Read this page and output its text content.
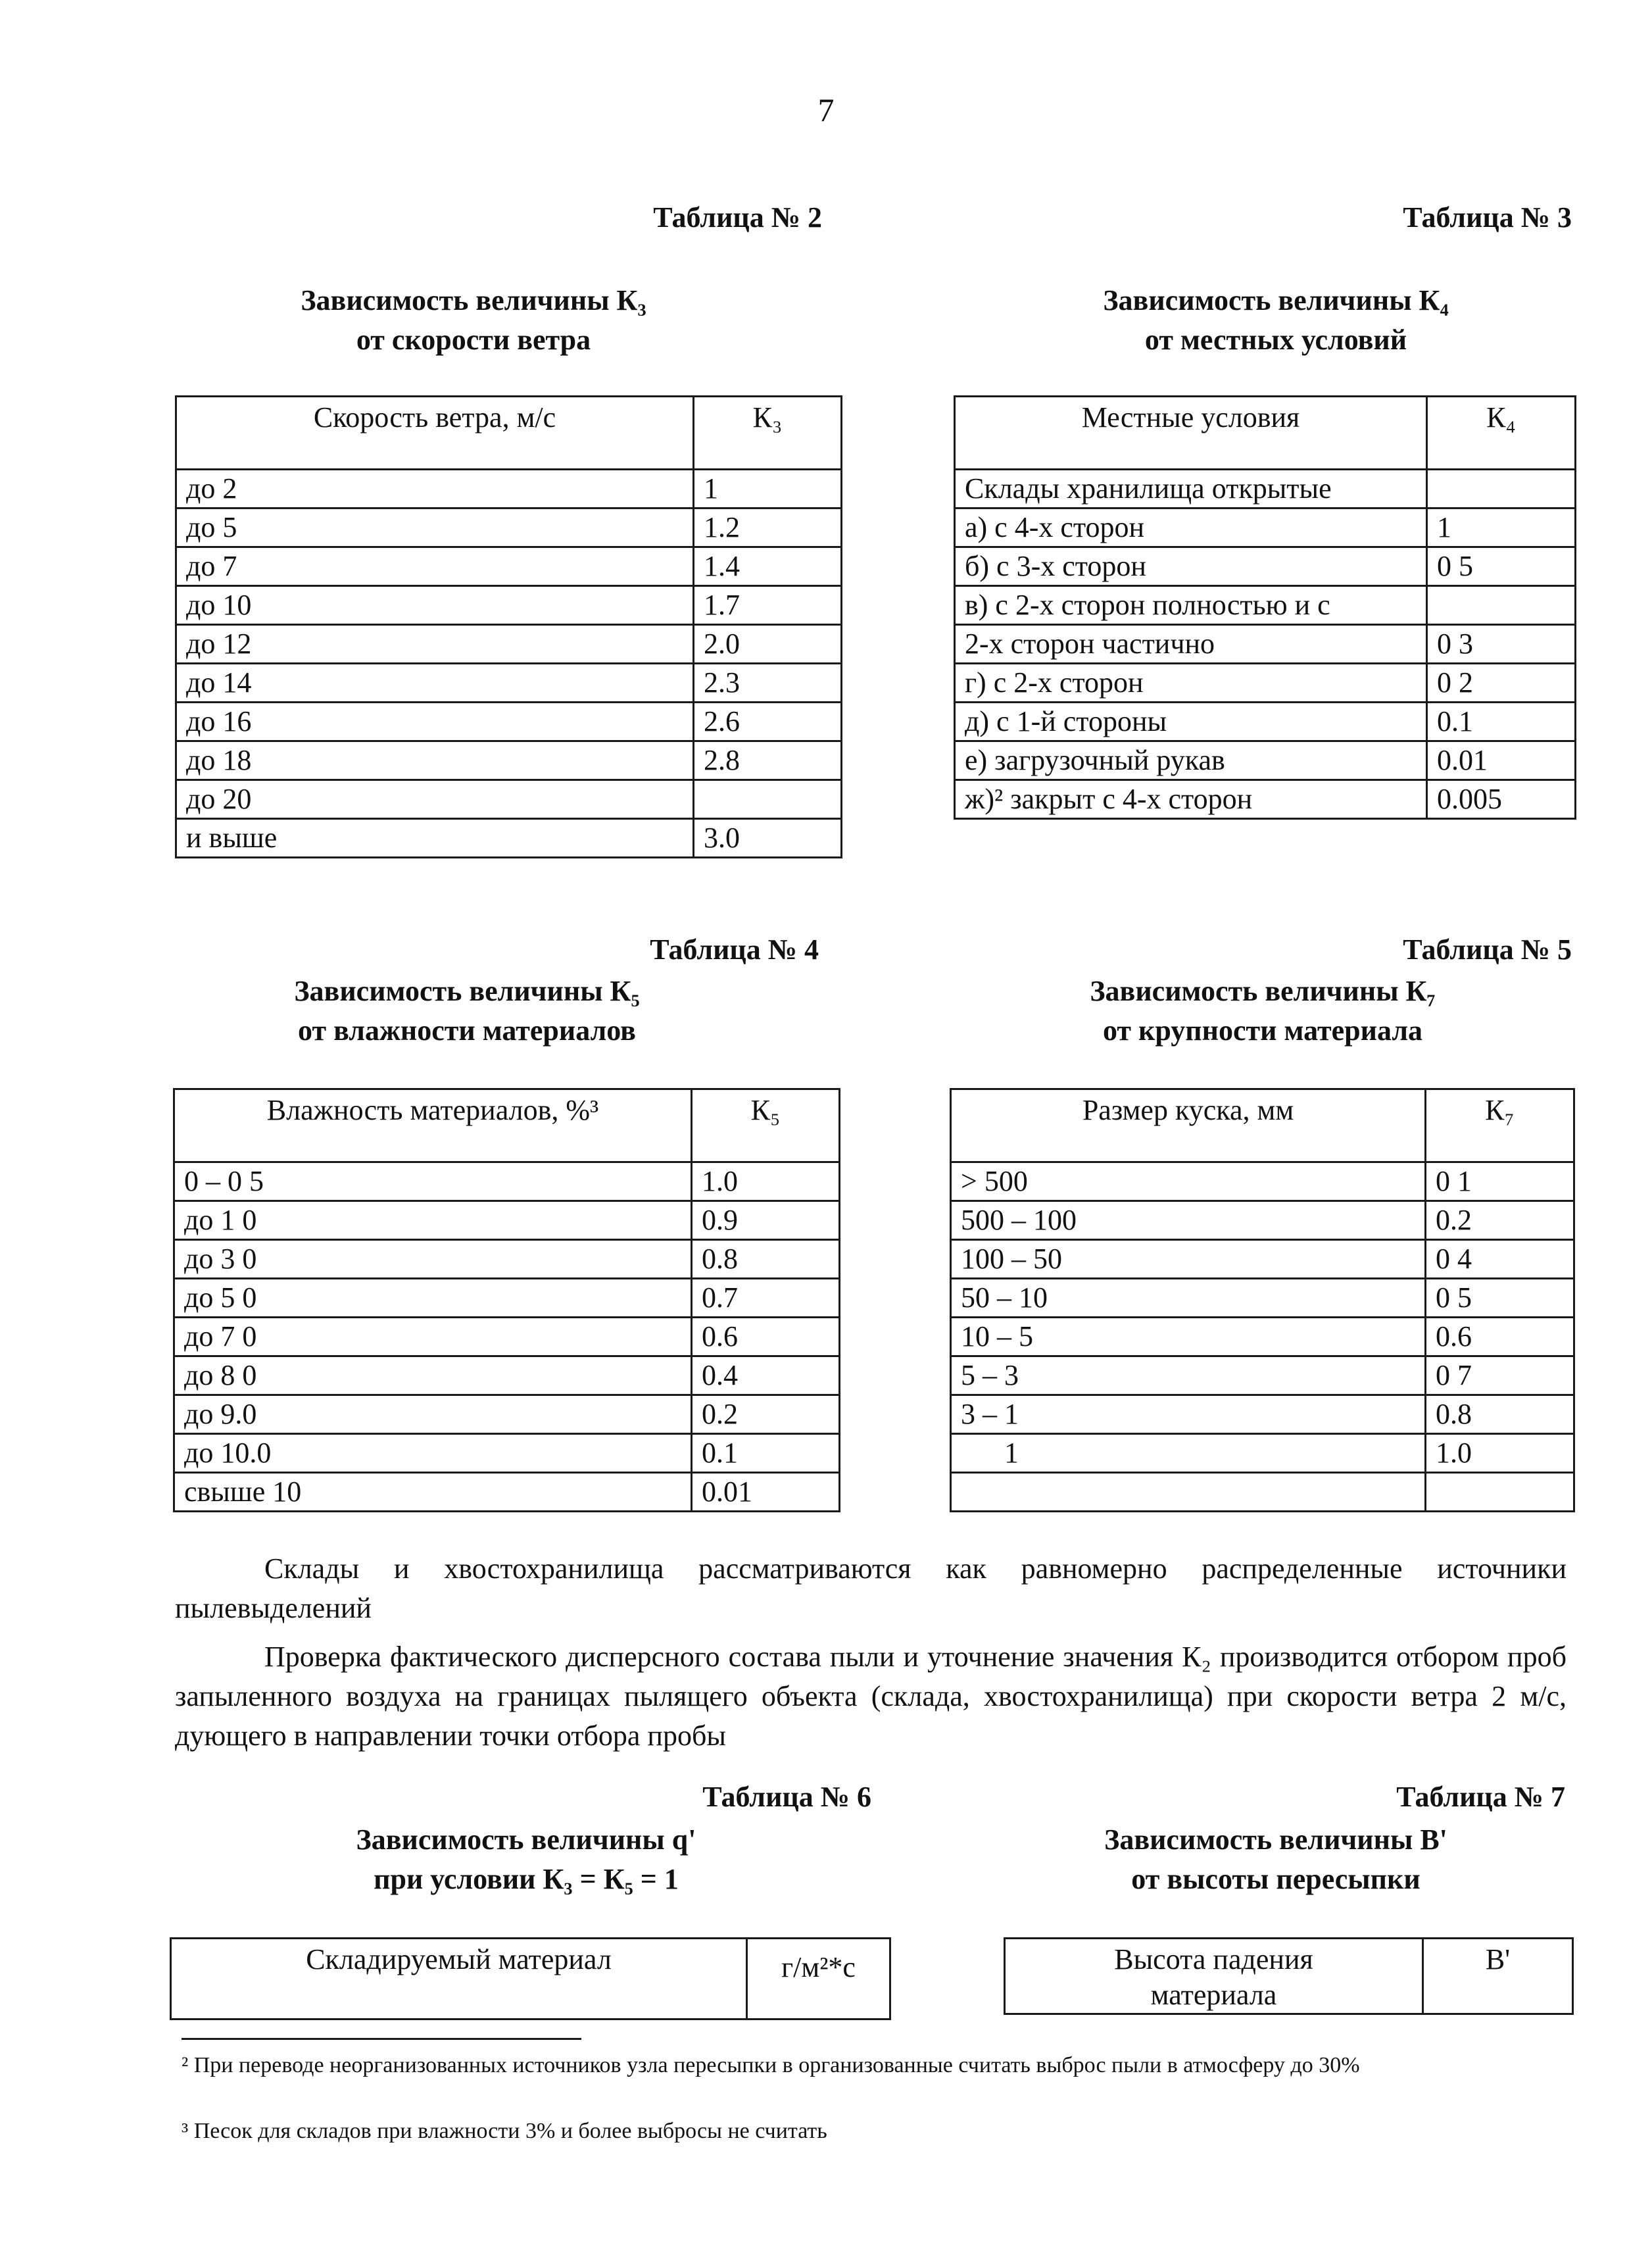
7
Таблица № 2
Зависимость величины К₃
от скорости ветра
Скорость ветра, м/с	К₃
до 2	1
до 5	1.2
до 7	1.4
до 10	1.7
до 12	2.0
до 14	2.3
до 16	2.6
до 18	2.8
до 20	
и выше	3.0
Таблица № 3
Зависимость величины К₄
от местных условий
Местные условия	К₄
Склады хранилища открытые	
а) с 4-х сторон	1
б) с 3-х сторон	0 5
в) с 2-х сторон полностью и с	
2-х сторон частично	0 3
г) с 2-х сторон	0 2
д) с 1-й стороны	0.1
е) загрузочный рукав	0.01
ж)² закрыт с 4-х сторон	0.005
Таблица № 4
Зависимость величины К₅
от влажности материалов
Влажность материалов, %³	К₅
0 – 0 5	1.0
до 1 0	0.9
до 3 0	0.8
до 5 0	0.7
до 7 0	0.6
до 8 0	0.4
до 9.0	0.2
до 10.0	0.1
свыше 10	0.01
Таблица № 5
Зависимость величины К₇
от крупности материала
Размер куска, мм	К₇
> 500	0 1
500 – 100	0.2
100 – 50	0 4
50 – 10	0 5
10 – 5	0.6
5 – 3	0 7
3 – 1	0.8
1	1.0

Склады и хвостохранилища рассматриваются как равномерно распределенные источники пылевыделений

Проверка фактического дисперсного состава пыли и уточнение значения К₂ производится отбором проб запыленного воздуха на границах пылящего объекта (склада, хвостохранилища) при скорости ветра 2 м/с, дующего в направлении точки отбора пробы

Таблица № 6
Зависимость величины q'
при условии К₃ = К₅ = 1
Складируемый материал	г/м²*с
Таблица № 7
Зависимость величины В'
от высоты пересыпки
Высота падения материала	В'
² При переводе неорганизованных источников узла пересыпки в организованные считать выброс пыли в атмосферу до 30%
³ Песок для складов при влажности 3% и более выбросы не считать
